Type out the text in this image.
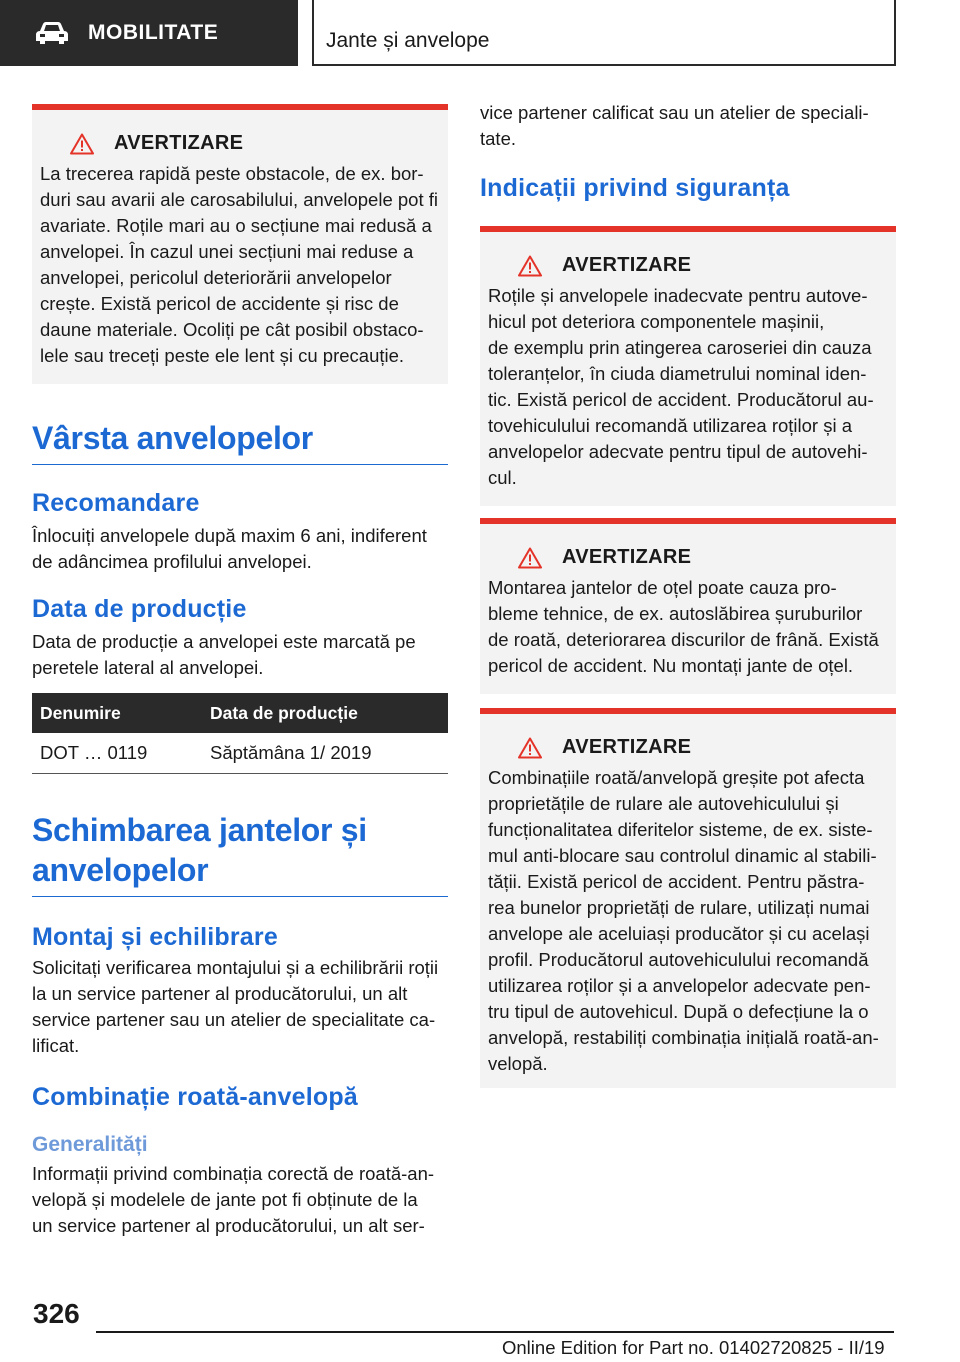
MOBILITATE	Jante și anvelope
AVERTIZARE
La trecerea rapidă peste obstacole, de ex. bor-
duri sau avarii ale carosabilului, anvelopele pot fi
avariate. Roțile mari au o secțiune mai redusă a
anvelopei. În cazul unei secțiuni mai reduse a
anvelopei, pericolul deteriorării anvelopelor
crește. Există pericol de accidente și risc de
daune materiale. Ocoliți pe cât posibil obstaco-
lele sau treceți peste ele lent și cu precauție.
Vârsta anvelopelor
Recomandare
Înlocuiți anvelopele după maxim 6 ani, indiferent
de adâncimea profilului anvelopei.
Data de producție
Data de producție a anvelopei este marcată pe
peretele lateral al anvelopei.
Denumire	Data de producție
DOT … 0119	Săptămâna 1/ 2019
Schimbarea jantelor și
anvelopelor
Montaj și echilibrare
Solicitați verificarea montajului și a echilibrării roții
la un service partener al producătorului, un alt
service partener sau un atelier de specialitate ca-
lificat.
Combinație roată-anvelopă
Generalități
Informații privind combinația corectă de roată-an-
velopă și modelele de jante pot fi obținute de la
un service partener al producătorului, un alt ser-
vice partener calificat sau un atelier de speciali-
tate.
Indicații privind siguranța
AVERTIZARE
Roțile și anvelopele inadecvate pentru autove-
hicul pot deteriora componentele mașinii,
de exemplu prin atingerea caroseriei din cauza
toleranțelor, în ciuda diametrului nominal iden-
tic. Există pericol de accident. Producătorul au-
tovehiculului recomandă utilizarea roților și a
anvelopelor adecvate pentru tipul de autovehi-
cul.
AVERTIZARE
Montarea jantelor de oțel poate cauza pro-
bleme tehnice, de ex. autoslăbirea șuruburilor
de roată, deteriorarea discurilor de frână. Există
pericol de accident. Nu montați jante de oțel.
AVERTIZARE
Combinațiile roată/anvelopă greșite pot afecta
proprietățile de rulare ale autovehiculului și
funcționalitatea diferitelor sisteme, de ex. siste-
mul anti-blocare sau controlul dinamic al stabili-
tății. Există pericol de accident. Pentru păstra-
rea bunelor proprietăți de rulare, utilizați numai
anvelope ale aceluiași producător și cu același
profil. Producătorul autovehiculului recomandă
utilizarea roților și a anvelopelor adecvate pen-
tru tipul de autovehicul. După o defecțiune la o
anvelopă, restabiliți combinația inițială roată-an-
velopă.
326
Online Edition for Part no. 01402720825 - II/19
